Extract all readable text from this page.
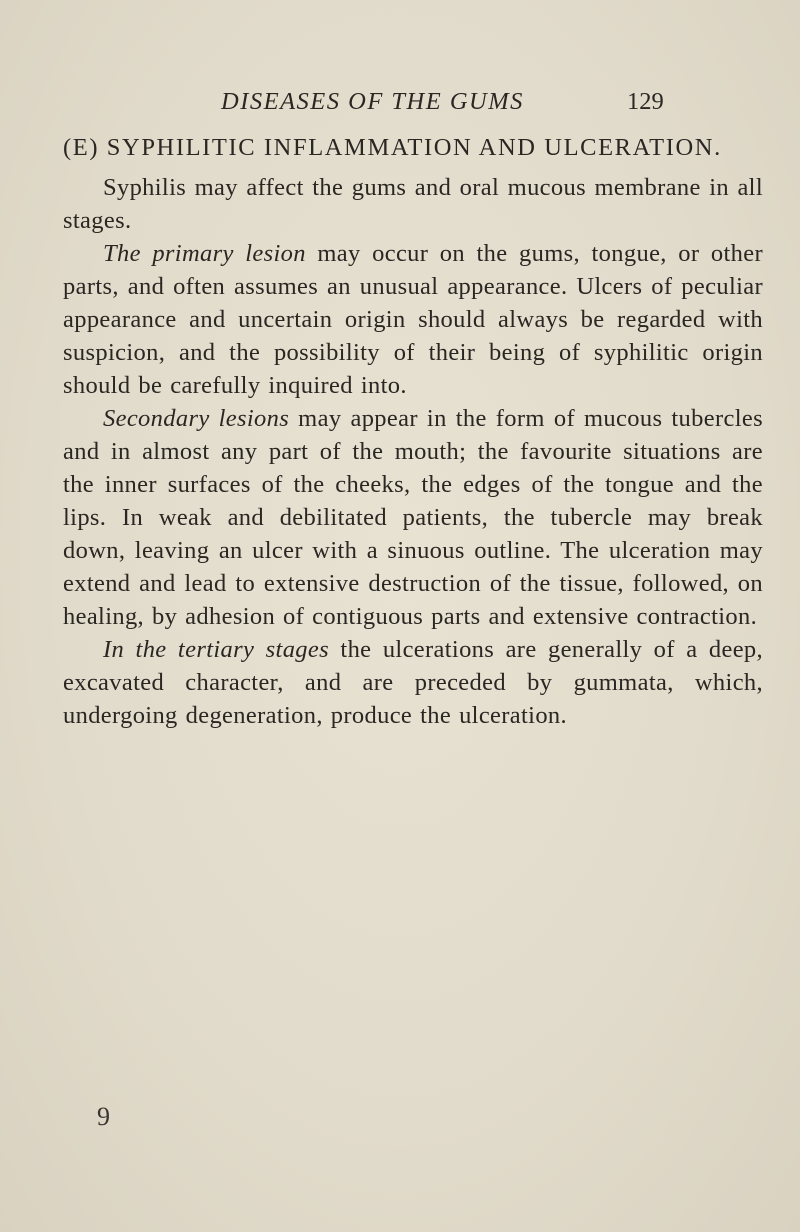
DISEASES OF THE GUMS	129
(E) SYPHILITIC INFLAMMATION AND ULCERATION.

Syphilis may affect the gums and oral mucous membrane in all stages.

The primary lesion may occur on the gums, tongue, or other parts, and often assumes an unusual appearance. Ulcers of peculiar appearance and uncertain origin should always be regarded with suspicion, and the possibility of their being of syphilitic origin should be carefully inquired into.

Secondary lesions may appear in the form of mucous tubercles and in almost any part of the mouth; the favourite situations are the inner surfaces of the cheeks, the edges of the tongue and the lips. In weak and debilitated patients, the tubercle may break down, leaving an ulcer with a sinuous outline. The ulceration may extend and lead to extensive destruction of the tissue, followed, on healing, by adhesion of contiguous parts and extensive contraction.

In the tertiary stages the ulcerations are generally of a deep, excavated character, and are preceded by gummata, which, undergoing degeneration, produce the ulceration.

9
